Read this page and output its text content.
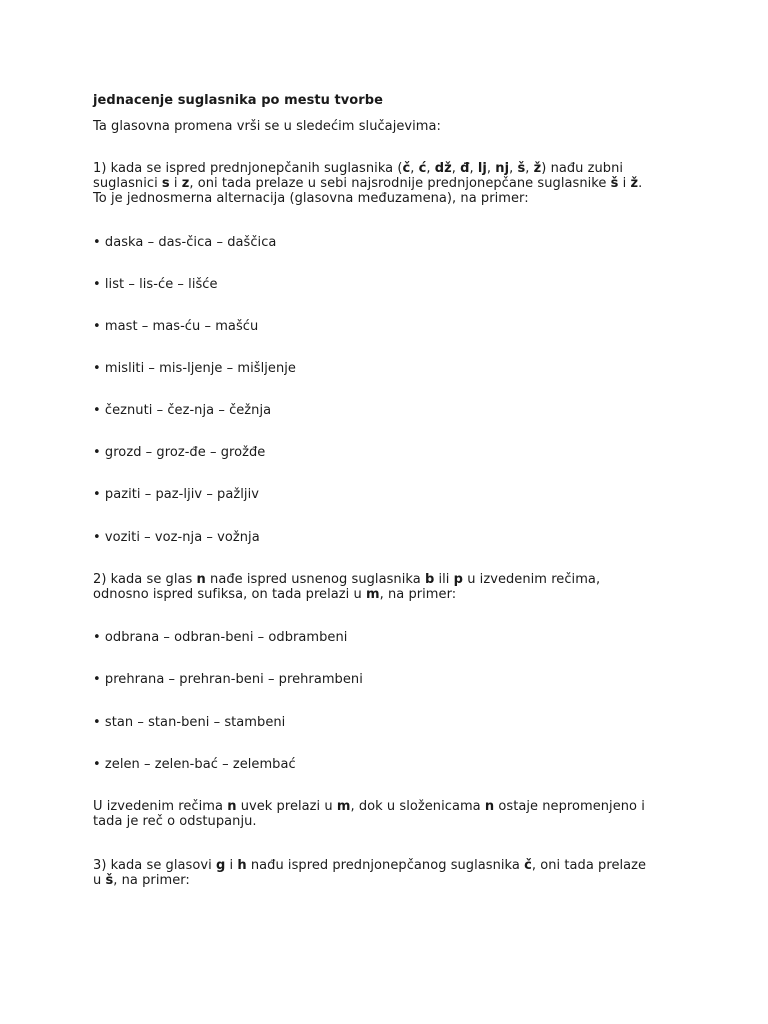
jednacenje suglasnika po mestu tvorbe
Ta glasovna promena vrši se u sledećim slučajevima:
1) kada se ispred prednjonepčanih suglasnika (č, ć, dž, đ, lj, nj, š, ž) nađu zubni
suglasnici s i z, oni tada prelaze u sebi najsrodnije prednjonepčane suglasnike š i ž.
To je jednosmerna alternacija (glasovna međuzamena), na primer:
• daska – das-čica – daščica
• list – lis-će – lišće
• mast – mas-ću – mašću
• misliti – mis-ljenje – mišljenje
• čeznuti – čez-nja – čežnja
• grozd – groz-đe – grožđe
• paziti – paz-ljiv – pažljiv
• voziti – voz-nja – vožnja
2) kada se glas n nađe ispred usnenog suglasnika b ili p u izvedenim rečima,
odnosno ispred sufiksa, on tada prelazi u m, na primer:
• odbrana – odbran-beni – odbrambeni
• prehrana – prehran-beni – prehrambeni
• stan – stan-beni – stambeni
• zelen – zelen-bać – zelembać
U izvedenim rečima n uvek prelazi u m, dok u složenicama n ostaje nepromenjeno i
tada je reč o odstupanju.
3) kada se glasovi g i h nađu ispred prednjonepčanog suglasnika č, oni tada prelaze
u š, na primer:
